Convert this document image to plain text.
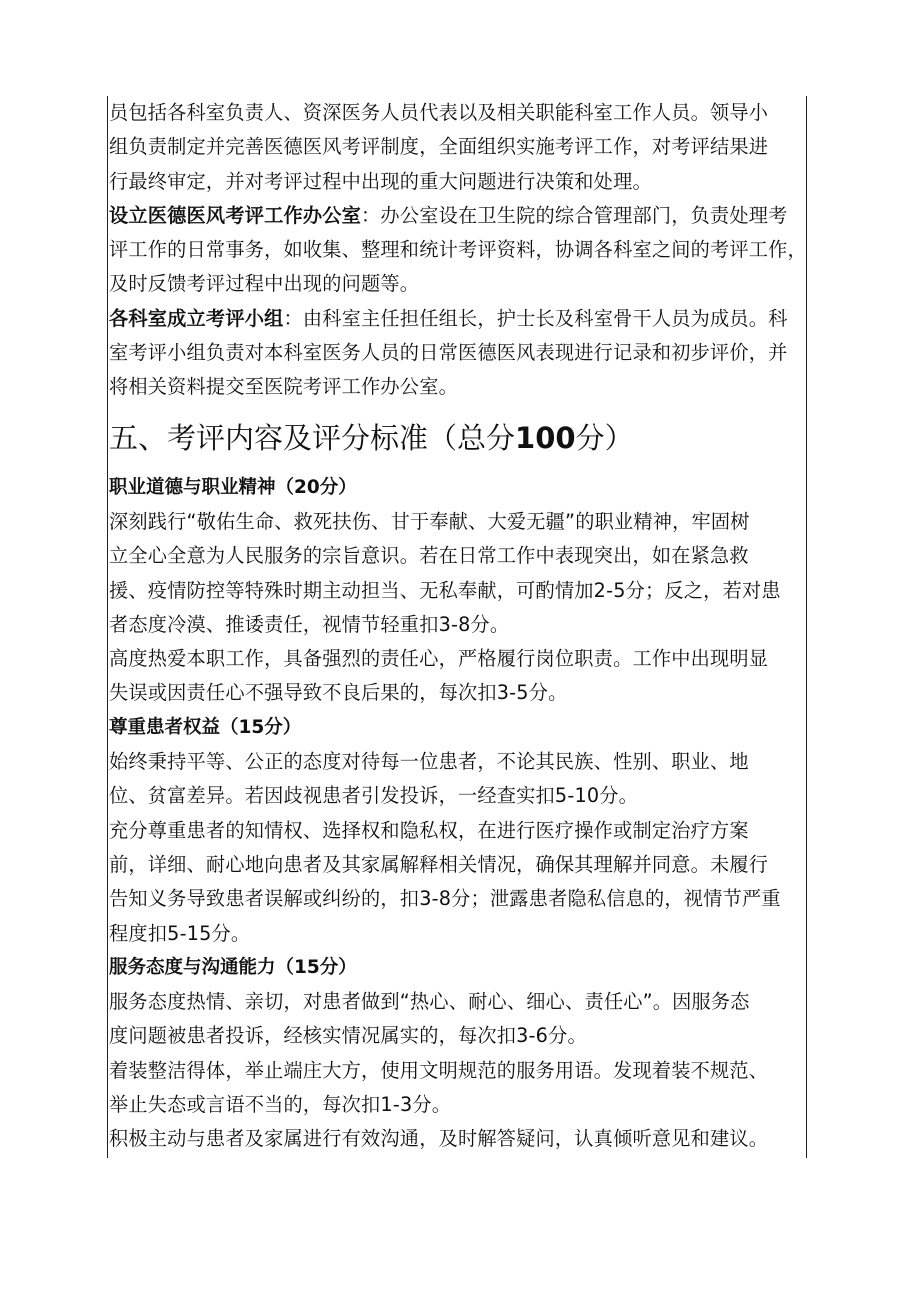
员包括各科室负责人、资深医务人员代表以及相关职能科室工作人员。领导小
组负责制定并完善医德医风考评制度，全面组织实施考评工作，对考评结果进
行最终审定，并对考评过程中出现的重大问题进行决策和处理。
设立医德医风考评工作办公室：办公室设在卫生院的综合管理部门，负责处理考
评工作的日常事务，如收集、整理和统计考评资料，协调各科室之间的考评工作，
及时反馈考评过程中出现的问题等。
各科室成立考评小组：由科室主任担任组长，护士长及科室骨干人员为成员。科
室考评小组负责对本科室医务人员的日常医德医风表现进行记录和初步评价，并
将相关资料提交至医院考评工作办公室。
五、考评内容及评分标准（总分100分）
职业道德与职业精神（20分）
深刻践行“敬佑生命、救死扶伤、甘于奉献、大爱无疆”的职业精神，牢固树
立全心全意为人民服务的宗旨意识。若在日常工作中表现突出，如在紧急救
援、疫情防控等特殊时期主动担当、无私奉献，可酌情加2-5分；反之，若对患
者态度冷漠、推诿责任，视情节轻重扣3-8分。
高度热爱本职工作，具备强烈的责任心，严格履行岗位职责。工作中出现明显
失误或因责任心不强导致不良后果的，每次扣3-5分。
尊重患者权益（15分）
始终秉持平等、公正的态度对待每一位患者，不论其民族、性别、职业、地
位、贫富差异。若因歧视患者引发投诉，一经查实扣5-10分。
充分尊重患者的知情权、选择权和隐私权，在进行医疗操作或制定治疗方案
前，详细、耐心地向患者及其家属解释相关情况，确保其理解并同意。未履行
告知义务导致患者误解或纠纷的，扣3-8分；泄露患者隐私信息的，视情节严重
程度扣5-15分。
服务态度与沟通能力（15分）
服务态度热情、亲切，对患者做到“热心、耐心、细心、责任心”。因服务态
度问题被患者投诉，经核实情况属实的，每次扣3-6分。
着装整洁得体，举止端庄大方，使用文明规范的服务用语。发现着装不规范、
举止失态或言语不当的，每次扣1-3分。
积极主动与患者及家属进行有效沟通，及时解答疑问，认真倾听意见和建议。
